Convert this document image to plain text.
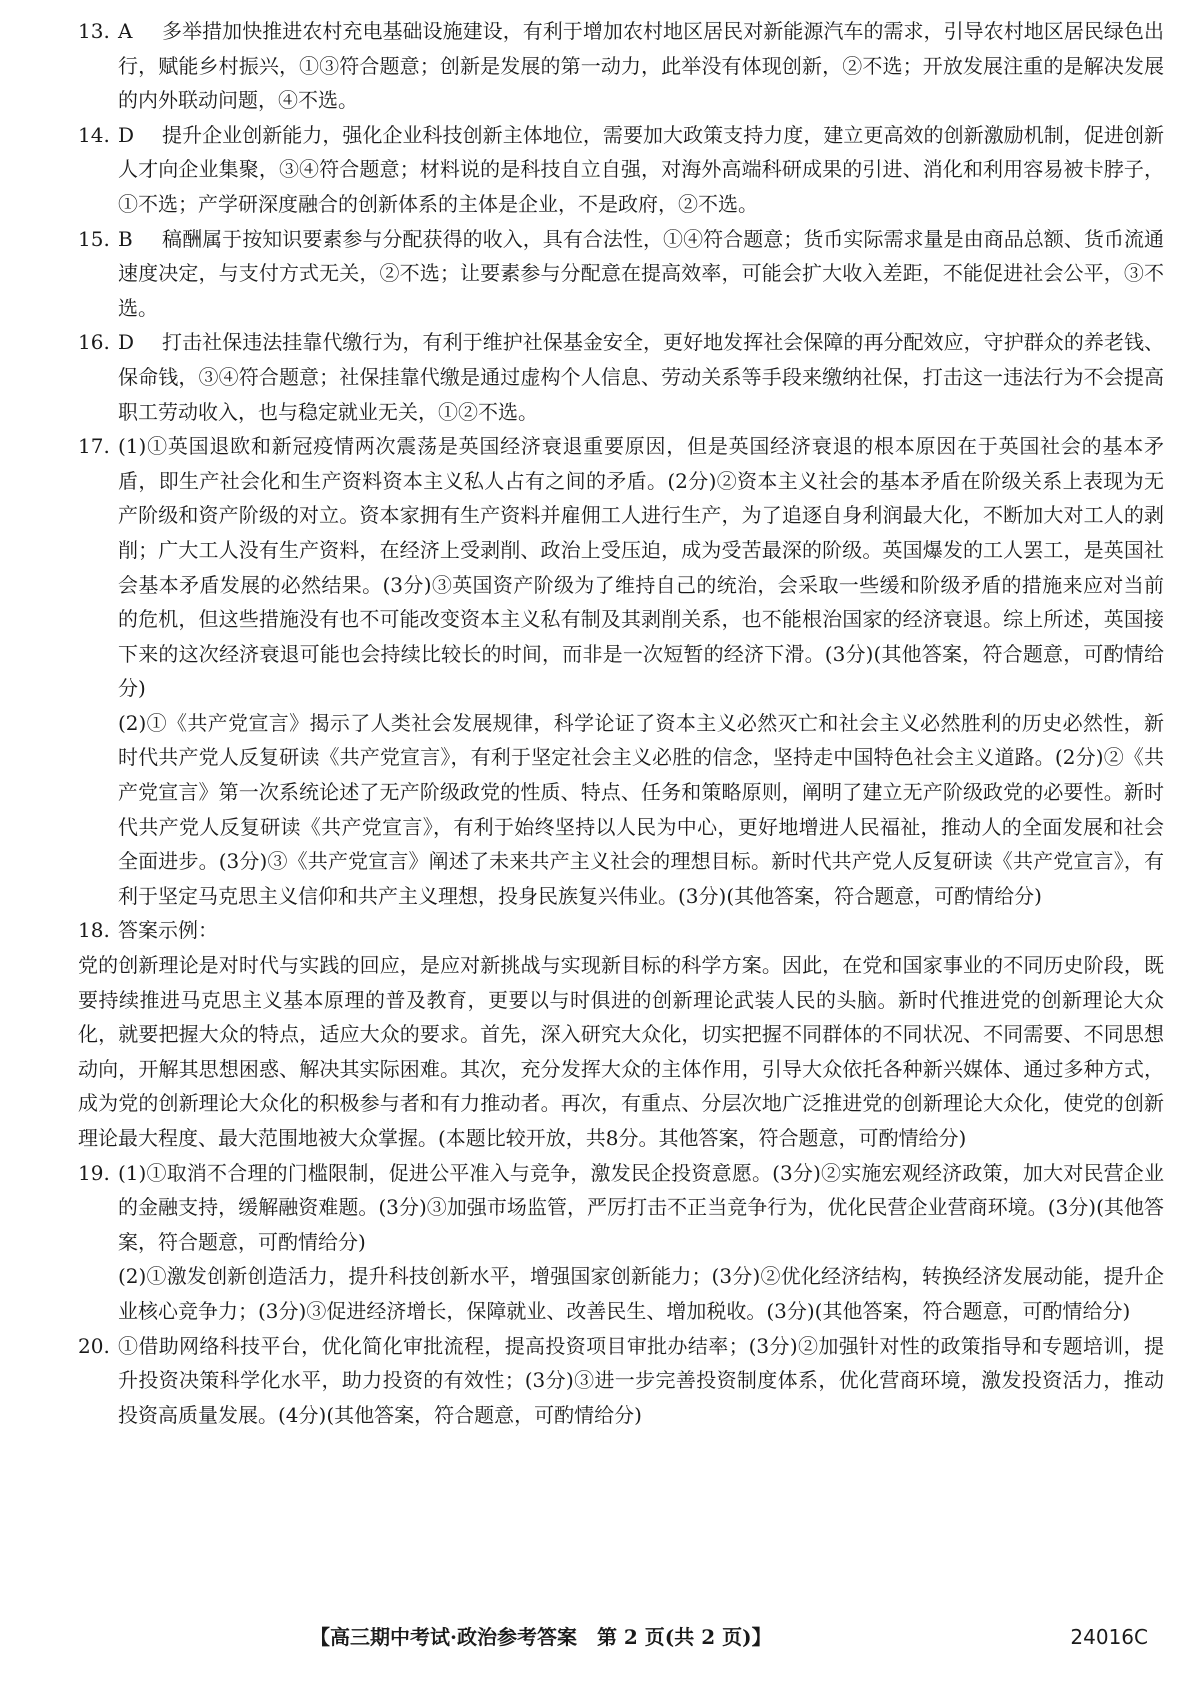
13. A 多举措加快推进农村充电基础设施建设，有利于增加农村地区居民对新能源汽车的需求，引导农村地区居民绿色出行，赋能乡村振兴，①③符合题意；创新是发展的第一动力，此举没有体现创新，②不选；开放发展注重的是解决发展的内外联动问题，④不选。

14. D 提升企业创新能力，强化企业科技创新主体地位，需要加大政策支持力度，建立更高效的创新激励机制，促进创新人才向企业集聚，③④符合题意；材料说的是科技自立自强，对海外高端科研成果的引进、消化和利用容易被卡脖子，①不选；产学研深度融合的创新体系的主体是企业，不是政府，②不选。

15. B 稿酬属于按知识要素参与分配获得的收入，具有合法性，①④符合题意；货币实际需求量是由商品总额、货币流通速度决定，与支付方式无关，②不选；让要素参与分配意在提高效率，可能会扩大收入差距，不能促进社会公平，③不选。

16. D 打击社保违法挂靠代缴行为，有利于维护社保基金安全，更好地发挥社会保障的再分配效应，守护群众的养老钱、保命钱，③④符合题意；社保挂靠代缴是通过虚构个人信息、劳动关系等手段来缴纳社保，打击这一违法行为不会提高职工劳动收入，也与稳定就业无关，①②不选。

17. (1)①英国退欧和新冠疫情两次震荡是英国经济衰退重要原因，但是英国经济衰退的根本原因在于英国社会的基本矛盾，即生产社会化和生产资料资本主义私人占有之间的矛盾。(2分)②资本主义社会的基本矛盾在阶级关系上表现为无产阶级和资产阶级的对立。资本家拥有生产资料并雇佣工人进行生产，为了追逐自身利润最大化，不断加大对工人的剥削；广大工人没有生产资料，在经济上受剥削、政治上受压迫，成为受苦最深的阶级。英国爆发的工人罢工，是英国社会基本矛盾发展的必然结果。(3分)③英国资产阶级为了维持自己的统治，会采取一些缓和阶级矛盾的措施来应对当前的危机，但这些措施没有也不可能改变资本主义私有制及其剥削关系，也不能根治国家的经济衰退。综上所述，英国接下来的这次经济衰退可能也会持续比较长的时间，而非是一次短暂的经济下滑。(3分)(其他答案，符合题意，可酌情给分)

(2)①《共产党宣言》揭示了人类社会发展规律，科学论证了资本主义必然灭亡和社会主义必然胜利的历史必然性，新时代共产党人反复研读《共产党宣言》，有利于坚定社会主义必胜的信念，坚持走中国特色社会主义道路。(2分)②《共产党宣言》第一次系统论述了无产阶级政党的性质、特点、任务和策略原则，阐明了建立无产阶级政党的必要性。新时代共产党人反复研读《共产党宣言》，有利于始终坚持以人民为中心，更好地增进人民福祉，推动人的全面发展和社会全面进步。(3分)③《共产党宣言》阐述了未来共产主义社会的理想目标。新时代共产党人反复研读《共产党宣言》，有利于坚定马克思主义信仰和共产主义理想，投身民族复兴伟业。(3分)(其他答案，符合题意，可酌情给分)

18. 答案示例：

党的创新理论是对时代与实践的回应，是应对新挑战与实现新目标的科学方案。因此，在党和国家事业的不同历史阶段，既要持续推进马克思主义基本原理的普及教育，更要以与时俱进的创新理论武装人民的头脑。新时代推进党的创新理论大众化，就要把握大众的特点，适应大众的要求。首先，深入研究大众化，切实把握不同群体的不同状况、不同需要、不同思想动向，开解其思想困惑、解决其实际困难。其次，充分发挥大众的主体作用，引导大众依托各种新兴媒体、通过多种方式，成为党的创新理论大众化的积极参与者和有力推动者。再次，有重点、分层次地广泛推进党的创新理论大众化，使党的创新理论最大程度、最大范围地被大众掌握。(本题比较开放，共8分。其他答案，符合题意，可酌情给分)

19. (1)①取消不合理的门槛限制，促进公平准入与竞争，激发民企投资意愿。(3分)②实施宏观经济政策，加大对民营企业的金融支持，缓解融资难题。(3分)③加强市场监管，严厉打击不正当竞争行为，优化民营企业营商环境。(3分)(其他答案，符合题意，可酌情给分)

(2)①激发创新创造活力，提升科技创新水平，增强国家创新能力；(3分)②优化经济结构，转换经济发展动能，提升企业核心竞争力；(3分)③促进经济增长，保障就业、改善民生、增加税收。(3分)(其他答案，符合题意，可酌情给分)

20. ①借助网络科技平台，优化简化审批流程，提高投资项目审批办结率；(3分)②加强针对性的政策指导和专题培训，提升投资决策科学化水平，助力投资的有效性；(3分)③进一步完善投资制度体系，优化营商环境，激发投资活力，推动投资高质量发展。(4分)(其他答案，符合题意，可酌情给分)

【高三期中考试·政治参考答案　第 2 页(共 2 页)】	24016C
